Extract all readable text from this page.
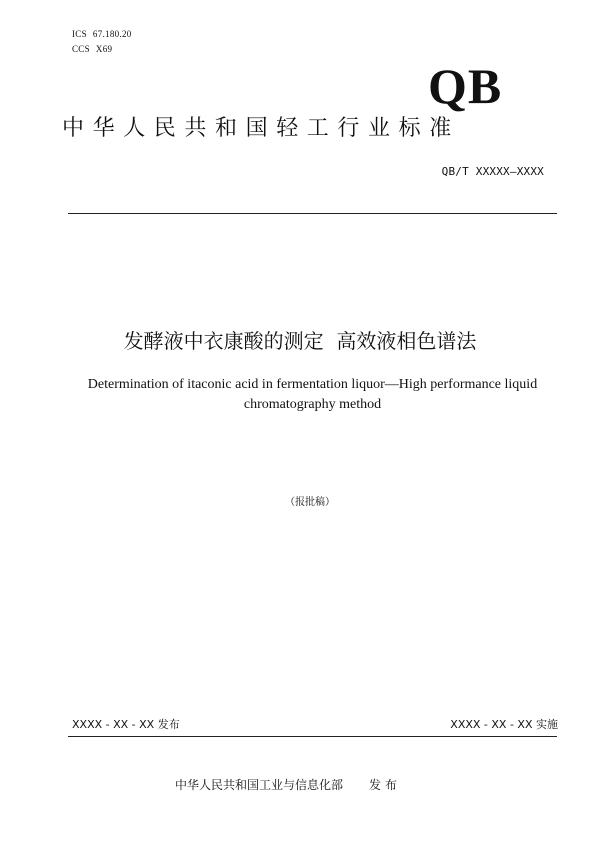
ICS 67.180.20
CCS X69
QB
中华人民共和国轻工行业标准
QB/T XXXXX—XXXX
发酵液中衣康酸的测定  高效液相色谱法
Determination of itaconic acid in fermentation liquor—High performance liquid
chromatography method
（报批稿）
XXXX - XX - XX 发布	XXXX - XX - XX 实施
中华人民共和国工业与信息化部 发 布
